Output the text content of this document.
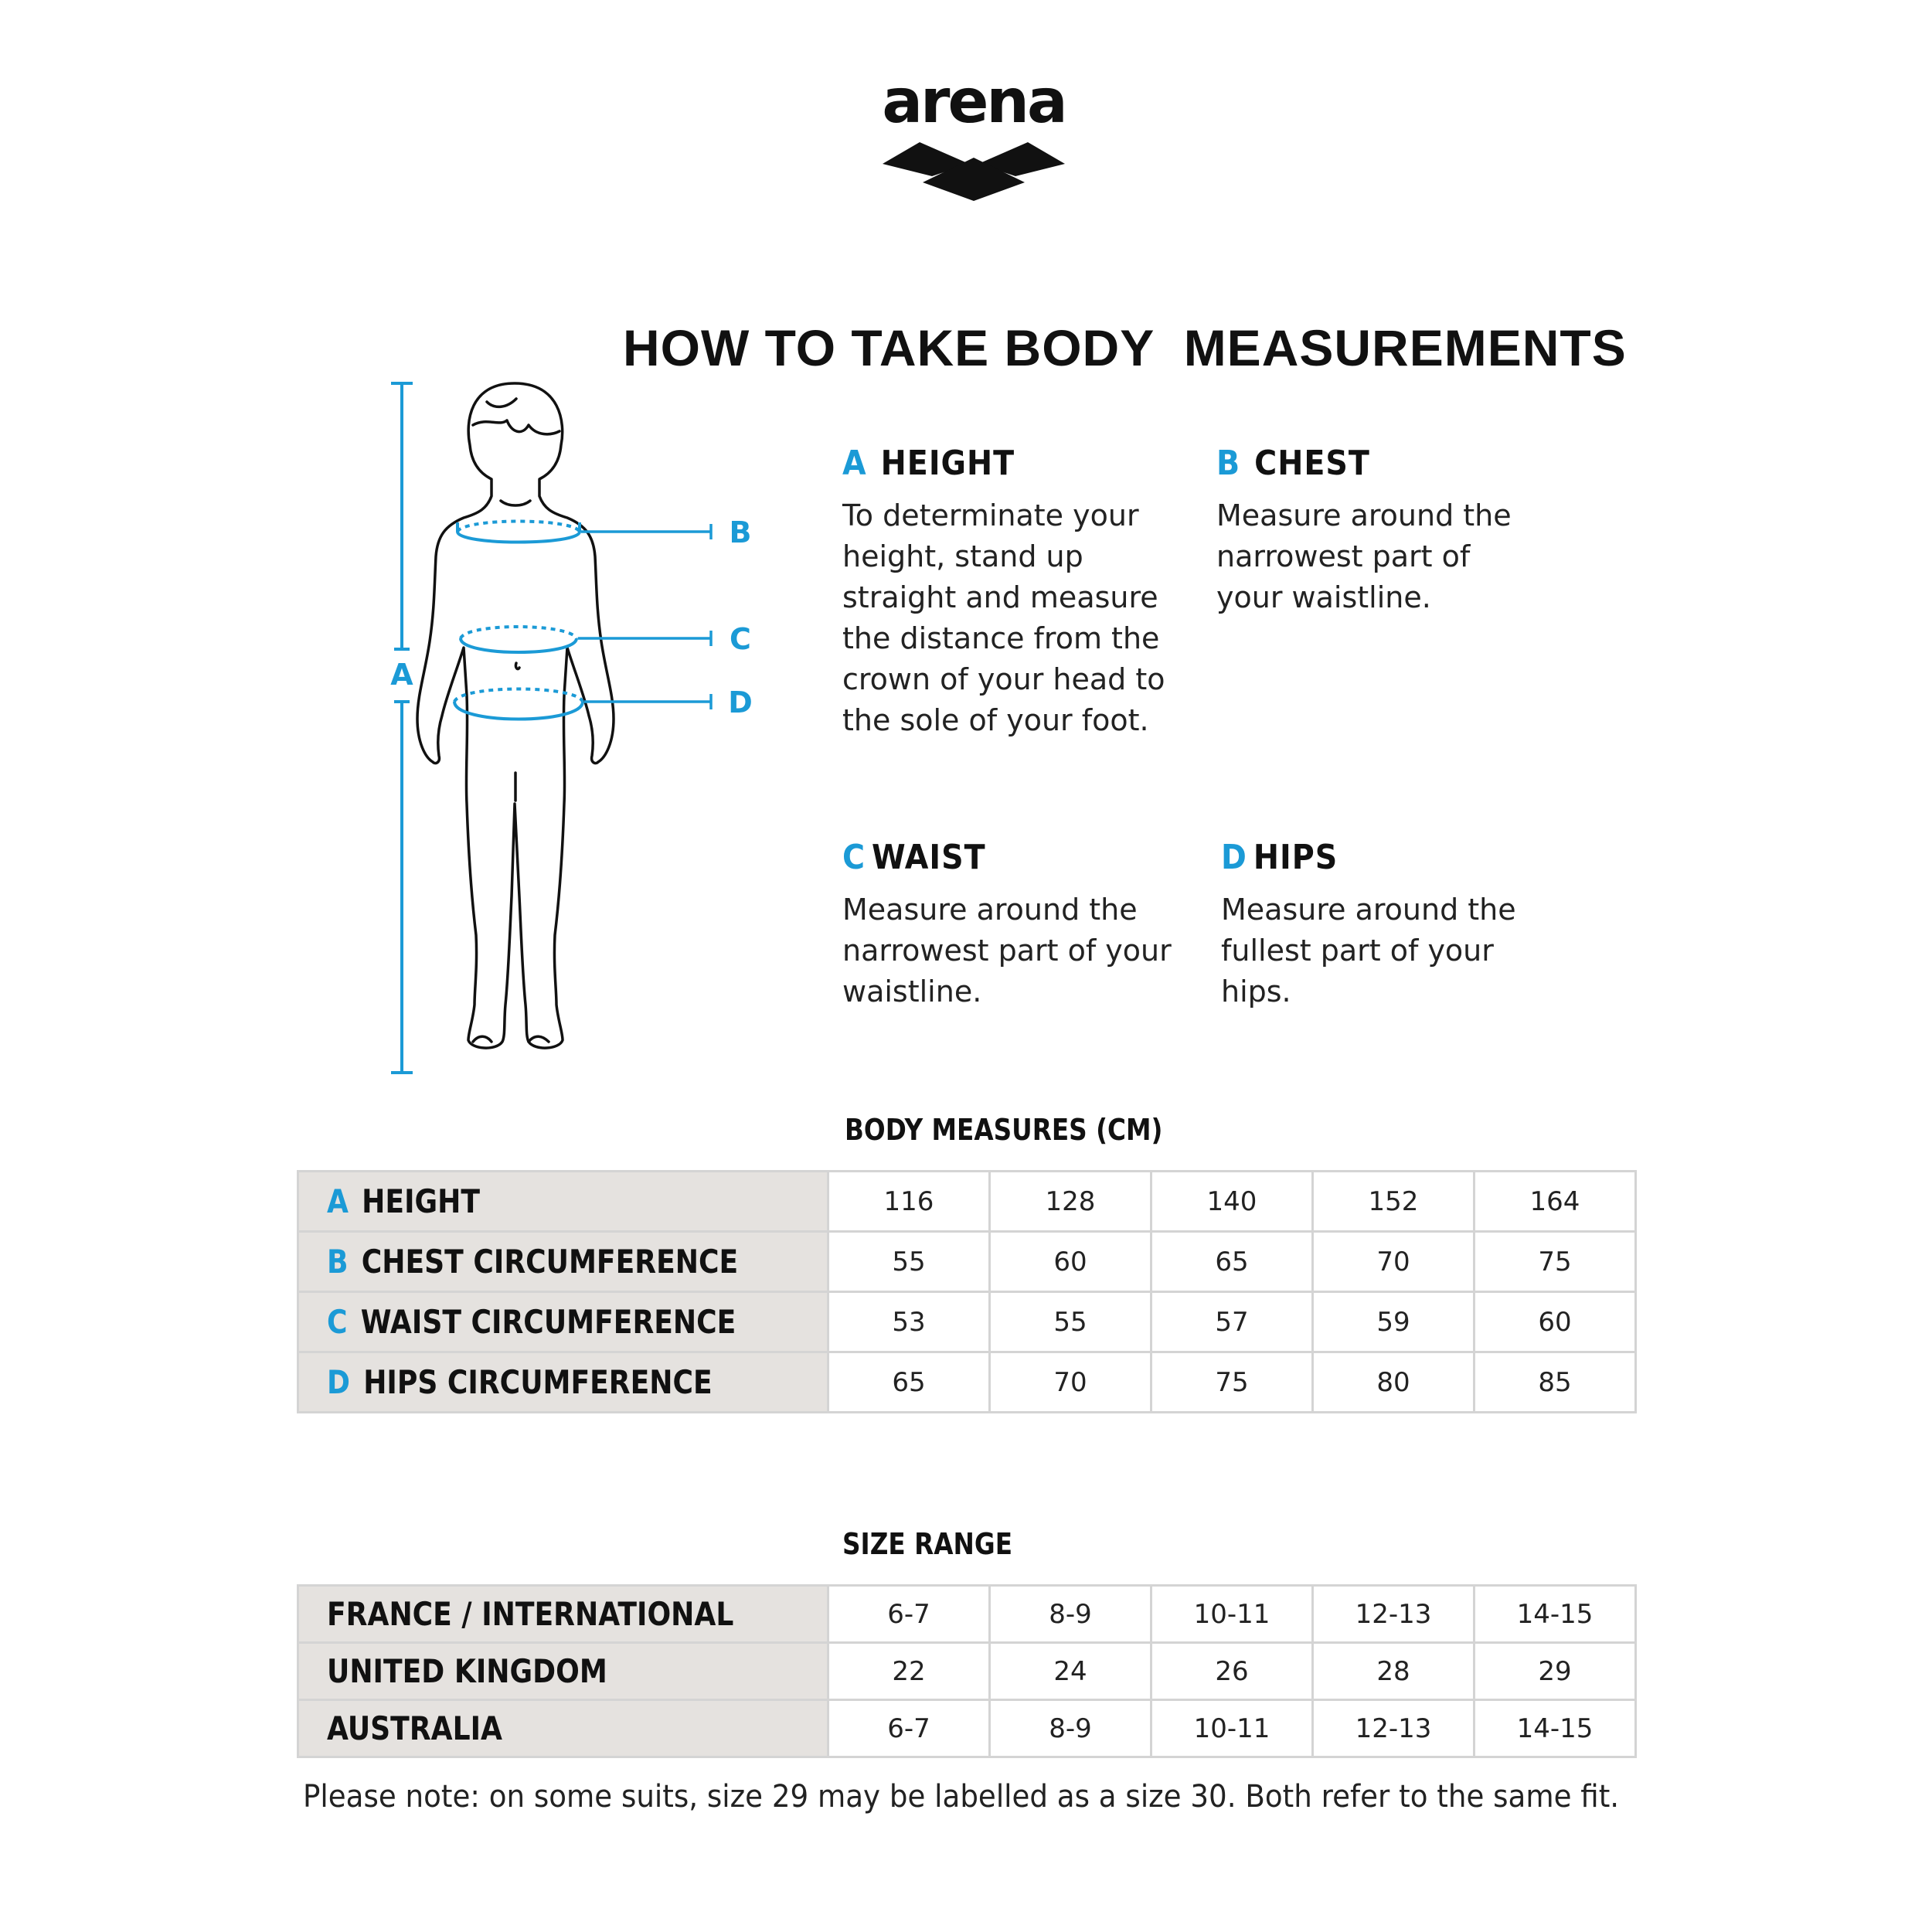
arena
HOW TO TAKE BODY  MEASUREMENTS
A
B
C
D
A HEIGHT
To determinate your height, stand up straight and measure the distance from the crown of your head to the sole of your foot.
B CHEST
Measure around the narrowest part of your waistline.
C WAIST
Measure around the narrowest part of your waistline.
D HIPS
Measure around the fullest part of your hips.
BODY MEASURES (CM)
A HEIGHT	116	128	140	152	164
B CHEST CIRCUMFERENCE	55	60	65	70	75
C WAIST CIRCUMFERENCE	53	55	57	59	60
D HIPS CIRCUMFERENCE	65	70	75	80	85
SIZE RANGE
FRANCE / INTERNATIONAL	6-7	8-9	10-11	12-13	14-15
UNITED KINGDOM	22	24	26	28	29
AUSTRALIA	6-7	8-9	10-11	12-13	14-15
Please note: on some suits, size 29 may be labelled as a size 30. Both refer to the same fit.
